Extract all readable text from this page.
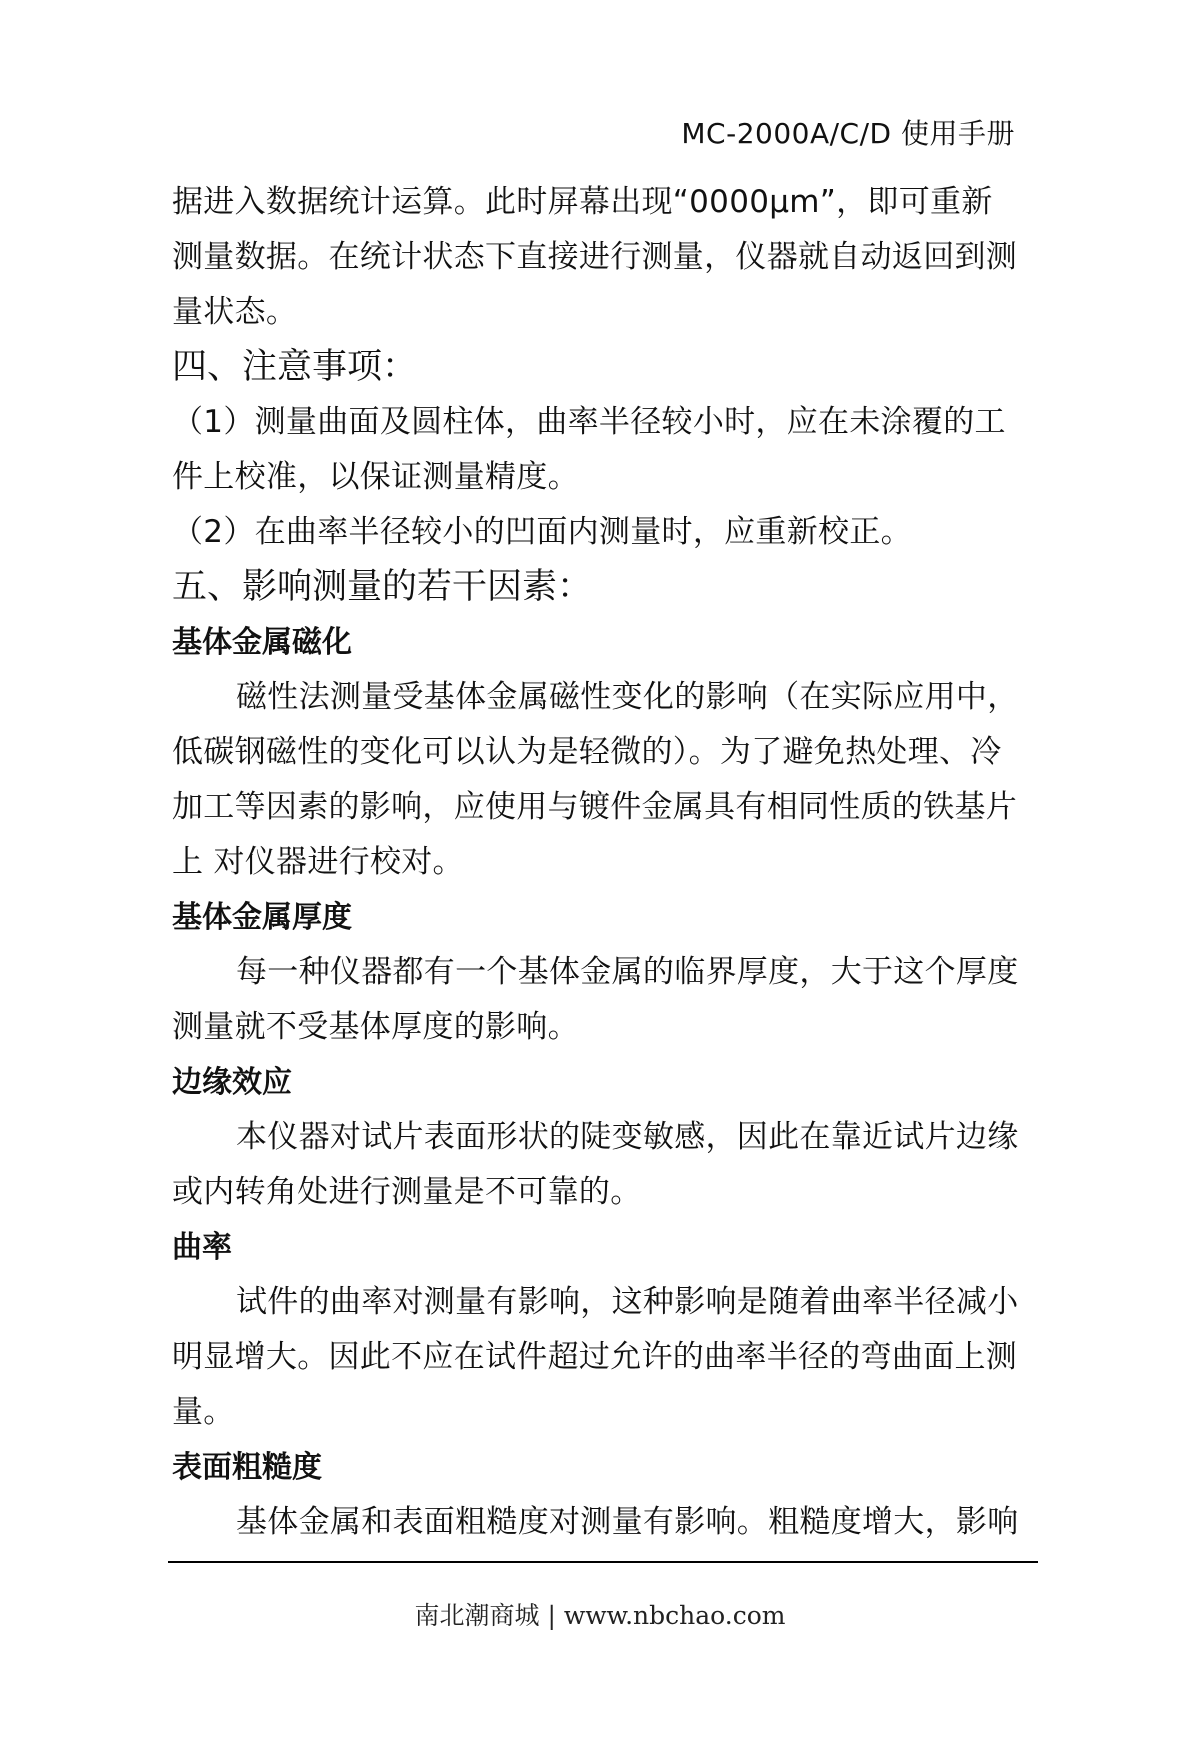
MC-2000A/C/D 使用手册
据进入数据统计运算。此时屏幕出现“0000μm”，即可重新
测量数据。在统计状态下直接进行测量，仪器就自动返回到测
量状态。
四、注意事项：
（1）测量曲面及圆柱体，曲率半径较小时，应在未涂覆的工
件上校准，以保证测量精度。
（2）在曲率半径较小的凹面内测量时，应重新校正。
五、影响测量的若干因素：
基体金属磁化
磁性法测量受基体金属磁性变化的影响（在实际应用中，
低碳钢磁性的变化可以认为是轻微的）。为了避免热处理、冷
加工等因素的影响，应使用与镀件金属具有相同性质的铁基片
上 对仪器进行校对。
基体金属厚度
每一种仪器都有一个基体金属的临界厚度，大于这个厚度
测量就不受基体厚度的影响。
边缘效应
本仪器对试片表面形状的陡变敏感，因此在靠近试片边缘
或内转角处进行测量是不可靠的。
曲率
试件的曲率对测量有影响，这种影响是随着曲率半径减小
明显增大。因此不应在试件超过允许的曲率半径的弯曲面上测
量。
表面粗糙度
基体金属和表面粗糙度对测量有影响。粗糙度增大，影响
南北潮商城 | www.nbchao.com
